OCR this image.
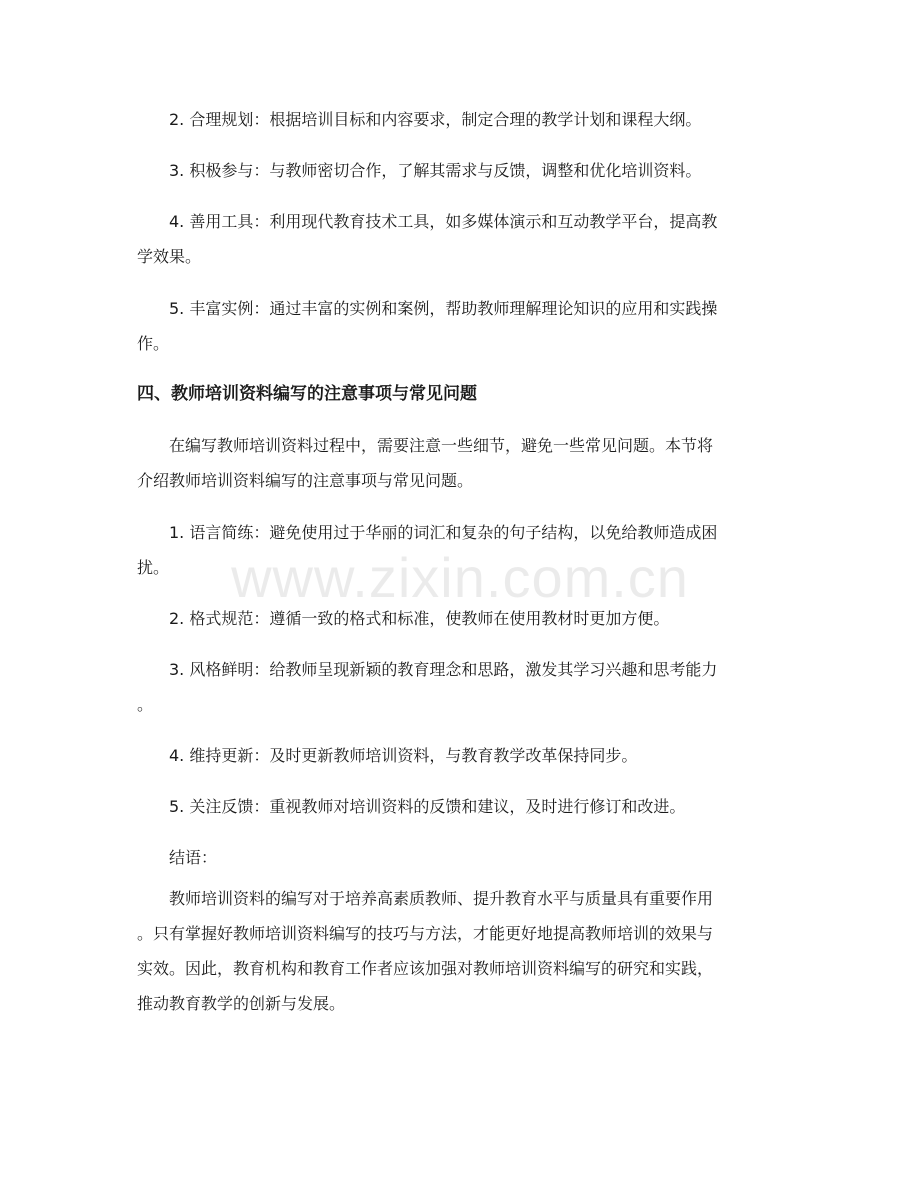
www.zixin.com.cn

2. 合理规划：根据培训目标和内容要求，制定合理的教学计划和课程大纲。

3. 积极参与：与教师密切合作，了解其需求与反馈，调整和优化培训资料。

4. 善用工具：利用现代教育技术工具，如多媒体演示和互动教学平台，提高教
学效果。

5. 丰富实例：通过丰富的实例和案例，帮助教师理解理论知识的应用和实践操
作。

四、教师培训资料编写的注意事项与常见问题

在编写教师培训资料过程中，需要注意一些细节，避免一些常见问题。本节将
介绍教师培训资料编写的注意事项与常见问题。

1. 语言简练：避免使用过于华丽的词汇和复杂的句子结构，以免给教师造成困
扰。

2. 格式规范：遵循一致的格式和标准，使教师在使用教材时更加方便。

3. 风格鲜明：给教师呈现新颖的教育理念和思路，激发其学习兴趣和思考能力
。

4. 维持更新：及时更新教师培训资料，与教育教学改革保持同步。

5. 关注反馈：重视教师对培训资料的反馈和建议，及时进行修订和改进。

结语：

教师培训资料的编写对于培养高素质教师、提升教育水平与质量具有重要作用
。只有掌握好教师培训资料编写的技巧与方法，才能更好地提高教师培训的效果与
实效。因此，教育机构和教育工作者应该加强对教师培训资料编写的研究和实践，
推动教育教学的创新与发展。
